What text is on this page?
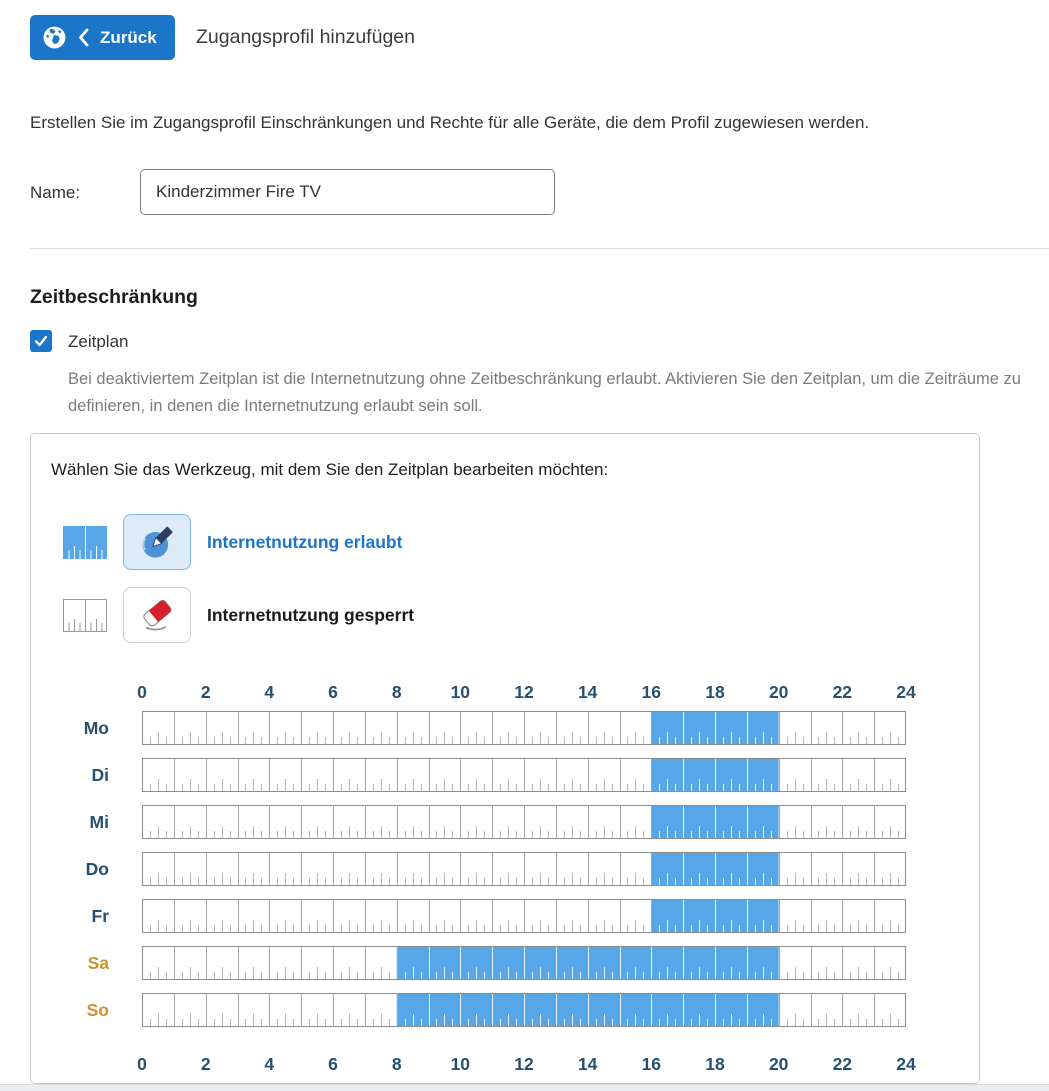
Zurück Zugangsprofil hinzufügen
Erstellen Sie im Zugangsprofil Einschränkungen und Rechte für alle Geräte, die dem Profil zugewiesen werden.
Name:
Kinderzimmer Fire TV
Zeitbeschränkung
Zeitplan
Bei deaktiviertem Zeitplan ist die Internetnutzung ohne Zeitbeschränkung erlaubt. Aktivieren Sie den Zeitplan, um die Zeiträume zu definieren, in denen die Internetnutzung erlaubt sein soll.
Wählen Sie das Werkzeug, mit dem Sie den Zeitplan bearbeiten möchten:
Internetnutzung erlaubt
Internetnutzung gesperrt
0
0
2
2
4
4
6
6
8
8
10
10
12
12
14
14
16
16
18
18
20
20
22
22
24
24
Mo
Di
Mi
Do
Fr
Sa
So
